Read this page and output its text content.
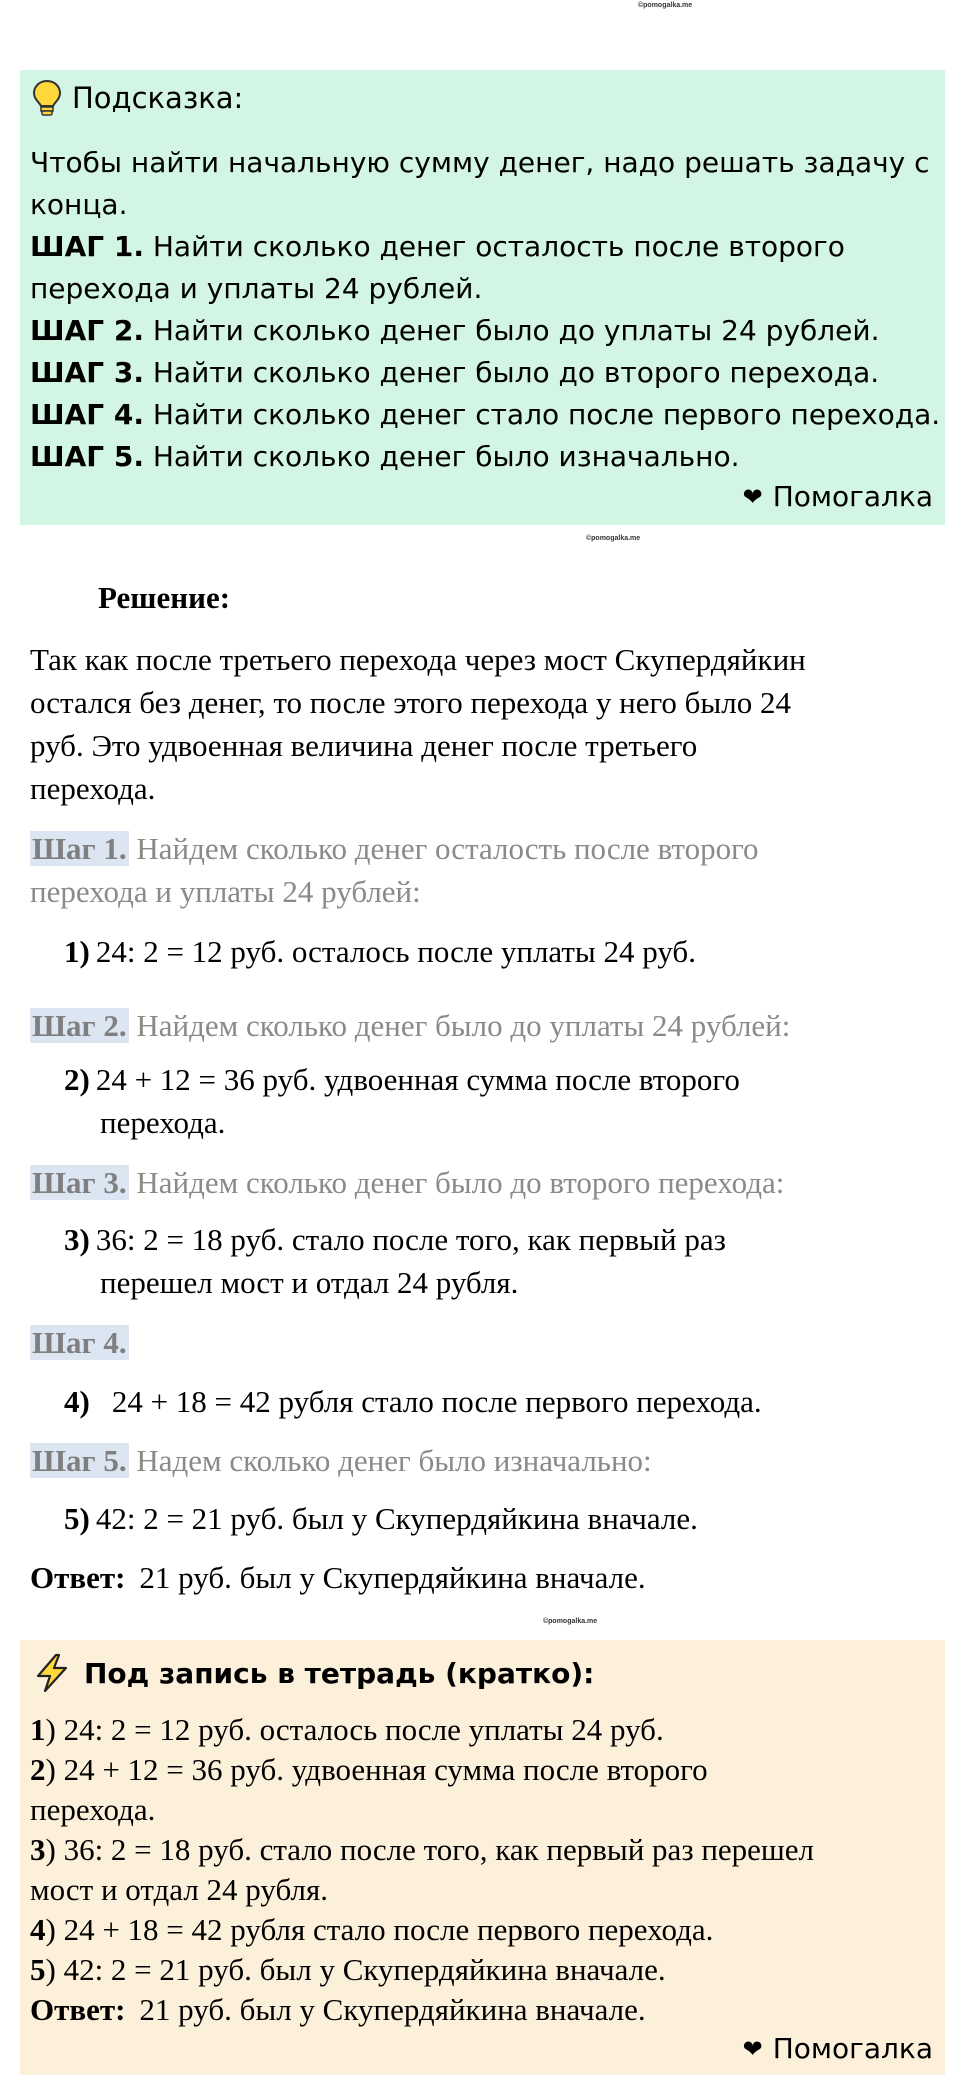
©pomogalka.me
Подсказка:
Чтобы найти начальную сумму денег, надо решать задачу с
конца.
ШАГ 1. Найти сколько денег осталость после второго
перехода и уплаты 24 рублей.
ШАГ 2. Найти сколько денег было до уплаты 24 рублей.
ШАГ 3. Найти сколько денег было до второго перехода.
ШАГ 4. Найти сколько денег стало после первого перехода.
ШАГ 5. Найти сколько денег было изначально.
❤ Помогалка
©pomogalka.me
Решение:
Так как после третьего перехода через мост Скупердяйкин
остался без денег, то после этого перехода у него было 24
руб. Это удвоенная величина денег после третьего
перехода.
Шаг 1. Найдем сколько денег осталость после второго
перехода и уплаты 24 рублей:
1) 24: 2 = 12 руб. осталось после уплаты 24 руб.
Шаг 2. Найдем сколько денег было до уплаты 24 рублей:
2) 24 + 12 = 36 руб. удвоенная сумма после второго
перехода.
Шаг 3. Найдем сколько денег было до второго перехода:
3) 36: 2 = 18 руб. стало после того, как первый раз
перешел мост и отдал 24 рубля.
Шаг 4.
4) 24 + 18 = 42 рубля стало после первого перехода.
Шаг 5. Надем сколько денег было изначально:
5) 42: 2 = 21 руб. был у Скупердяйкина вначале.
Ответ: 21 руб. был у Скупердяйкина вначале.
©pomogalka.me
Под запись в тетрадь (кратко):
1) 24: 2 = 12 руб. осталось после уплаты 24 руб.
2) 24 + 12 = 36 руб. удвоенная сумма после второго
перехода.
3) 36: 2 = 18 руб. стало после того, как первый раз перешел
мост и отдал 24 рубля.
4) 24 + 18 = 42 рубля стало после первого перехода.
5) 42: 2 = 21 руб. был у Скупердяйкина вначале.
Ответ: 21 руб. был у Скупердяйкина вначале.
❤ Помогалка
